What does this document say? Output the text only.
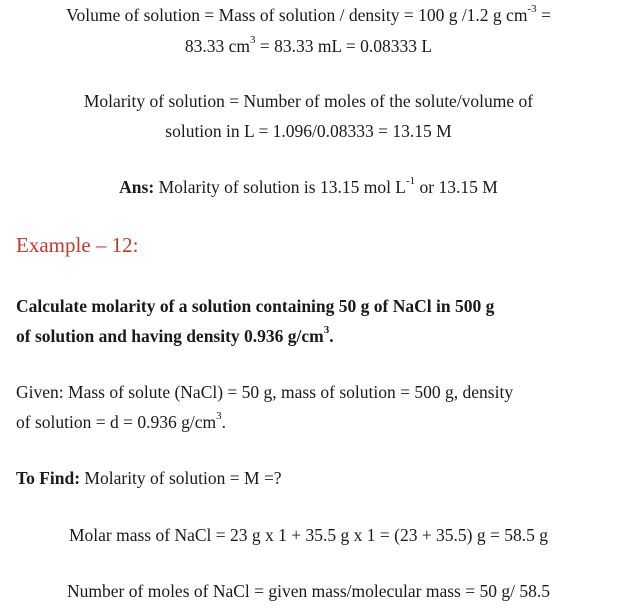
Volume of solution = Mass of solution / density = 100 g /1.2 g $cm^{-3}$ =
83.33 $cm^3 = 83.33$ mL = 0.08333 L
Molarity of solution = Number of moles of the solute/volume of
solution in L = 1.096/0.08333 = 13.15 M
Ans: Molarity of solution is 13.15 mol $L^{-1}$ or 13.15 M
Example – 12:
Calculate molarity of a solution containing 50 g of NaCl in 500 g
of solution and having density 0.936 $g/cm^3$.
Given: Mass of solute (NaCl) = 50 g, mass of solution = 500 g, density
of solution = d = 0.936 $g/cm^3$.
To Find: Molarity of solution = M =?
Molar mass of NaCl = 23 g x 1 + 35.5 g x 1 = (23 + 35.5) g = 58.5 g
Number of moles of NaCl = given mass/molecular mass = 50 g/ 58.5
